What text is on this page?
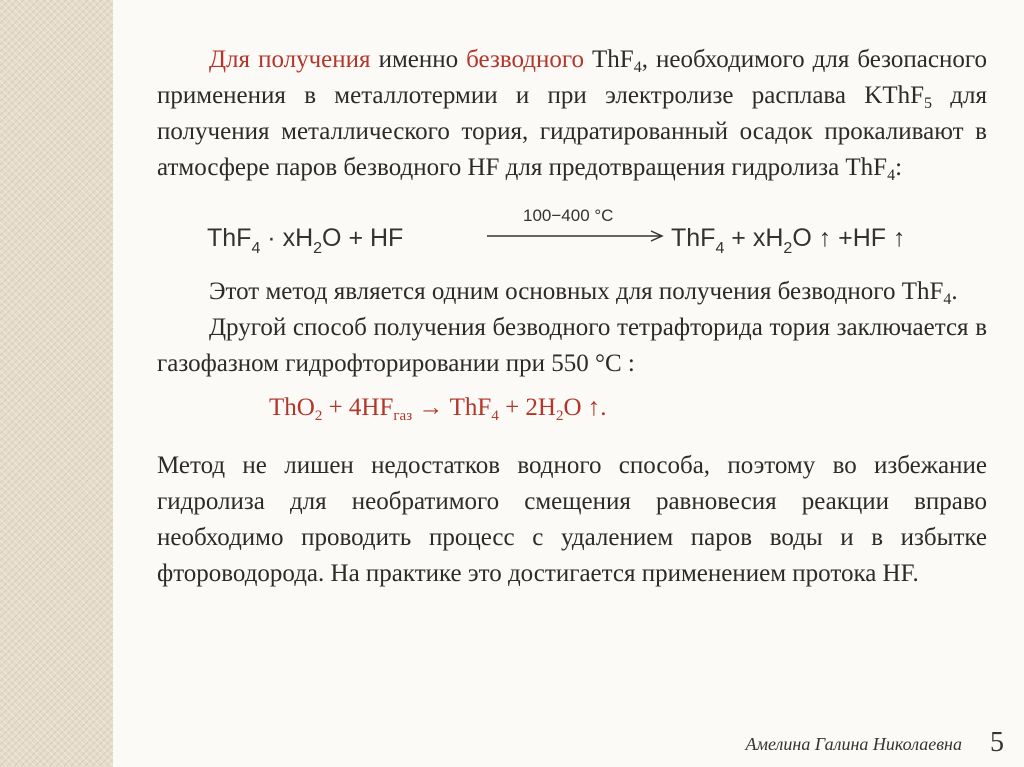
Для получения именно безводного ThF$_4$, необходимого для безопасного применения в металлотермии и при электролизе расплава KThF$_5$ для получения металлического тория, гидратированный осадок прокаливают в атмосфере паров безводного HF для предотвращения гидролиза ThF$_4$:

$ThF_4 \cdot xH_2O$ + HF
100−400 °C
$ThF_4 + xH_2O$ ↑ +HF ↑

Этот метод является одним основных для получения безводного ThF$_4$.

Другой способ получения безводного тетрафторида тория заключается в газофазном гидрофторировании при 550 °С :

$ThO_2 + 4HF_{газ} \to ThF_4 + 2H_2O$ ↑.

Метод не лишен недостатков водного способа, поэтому во избежание гидролиза для необратимого смещения равновесия реакции вправо необходимо проводить процесс с удалением паров воды и в избытке фтороводорода. На практике это достигается применением протока HF.

Амелина Галина Николаевна 5
